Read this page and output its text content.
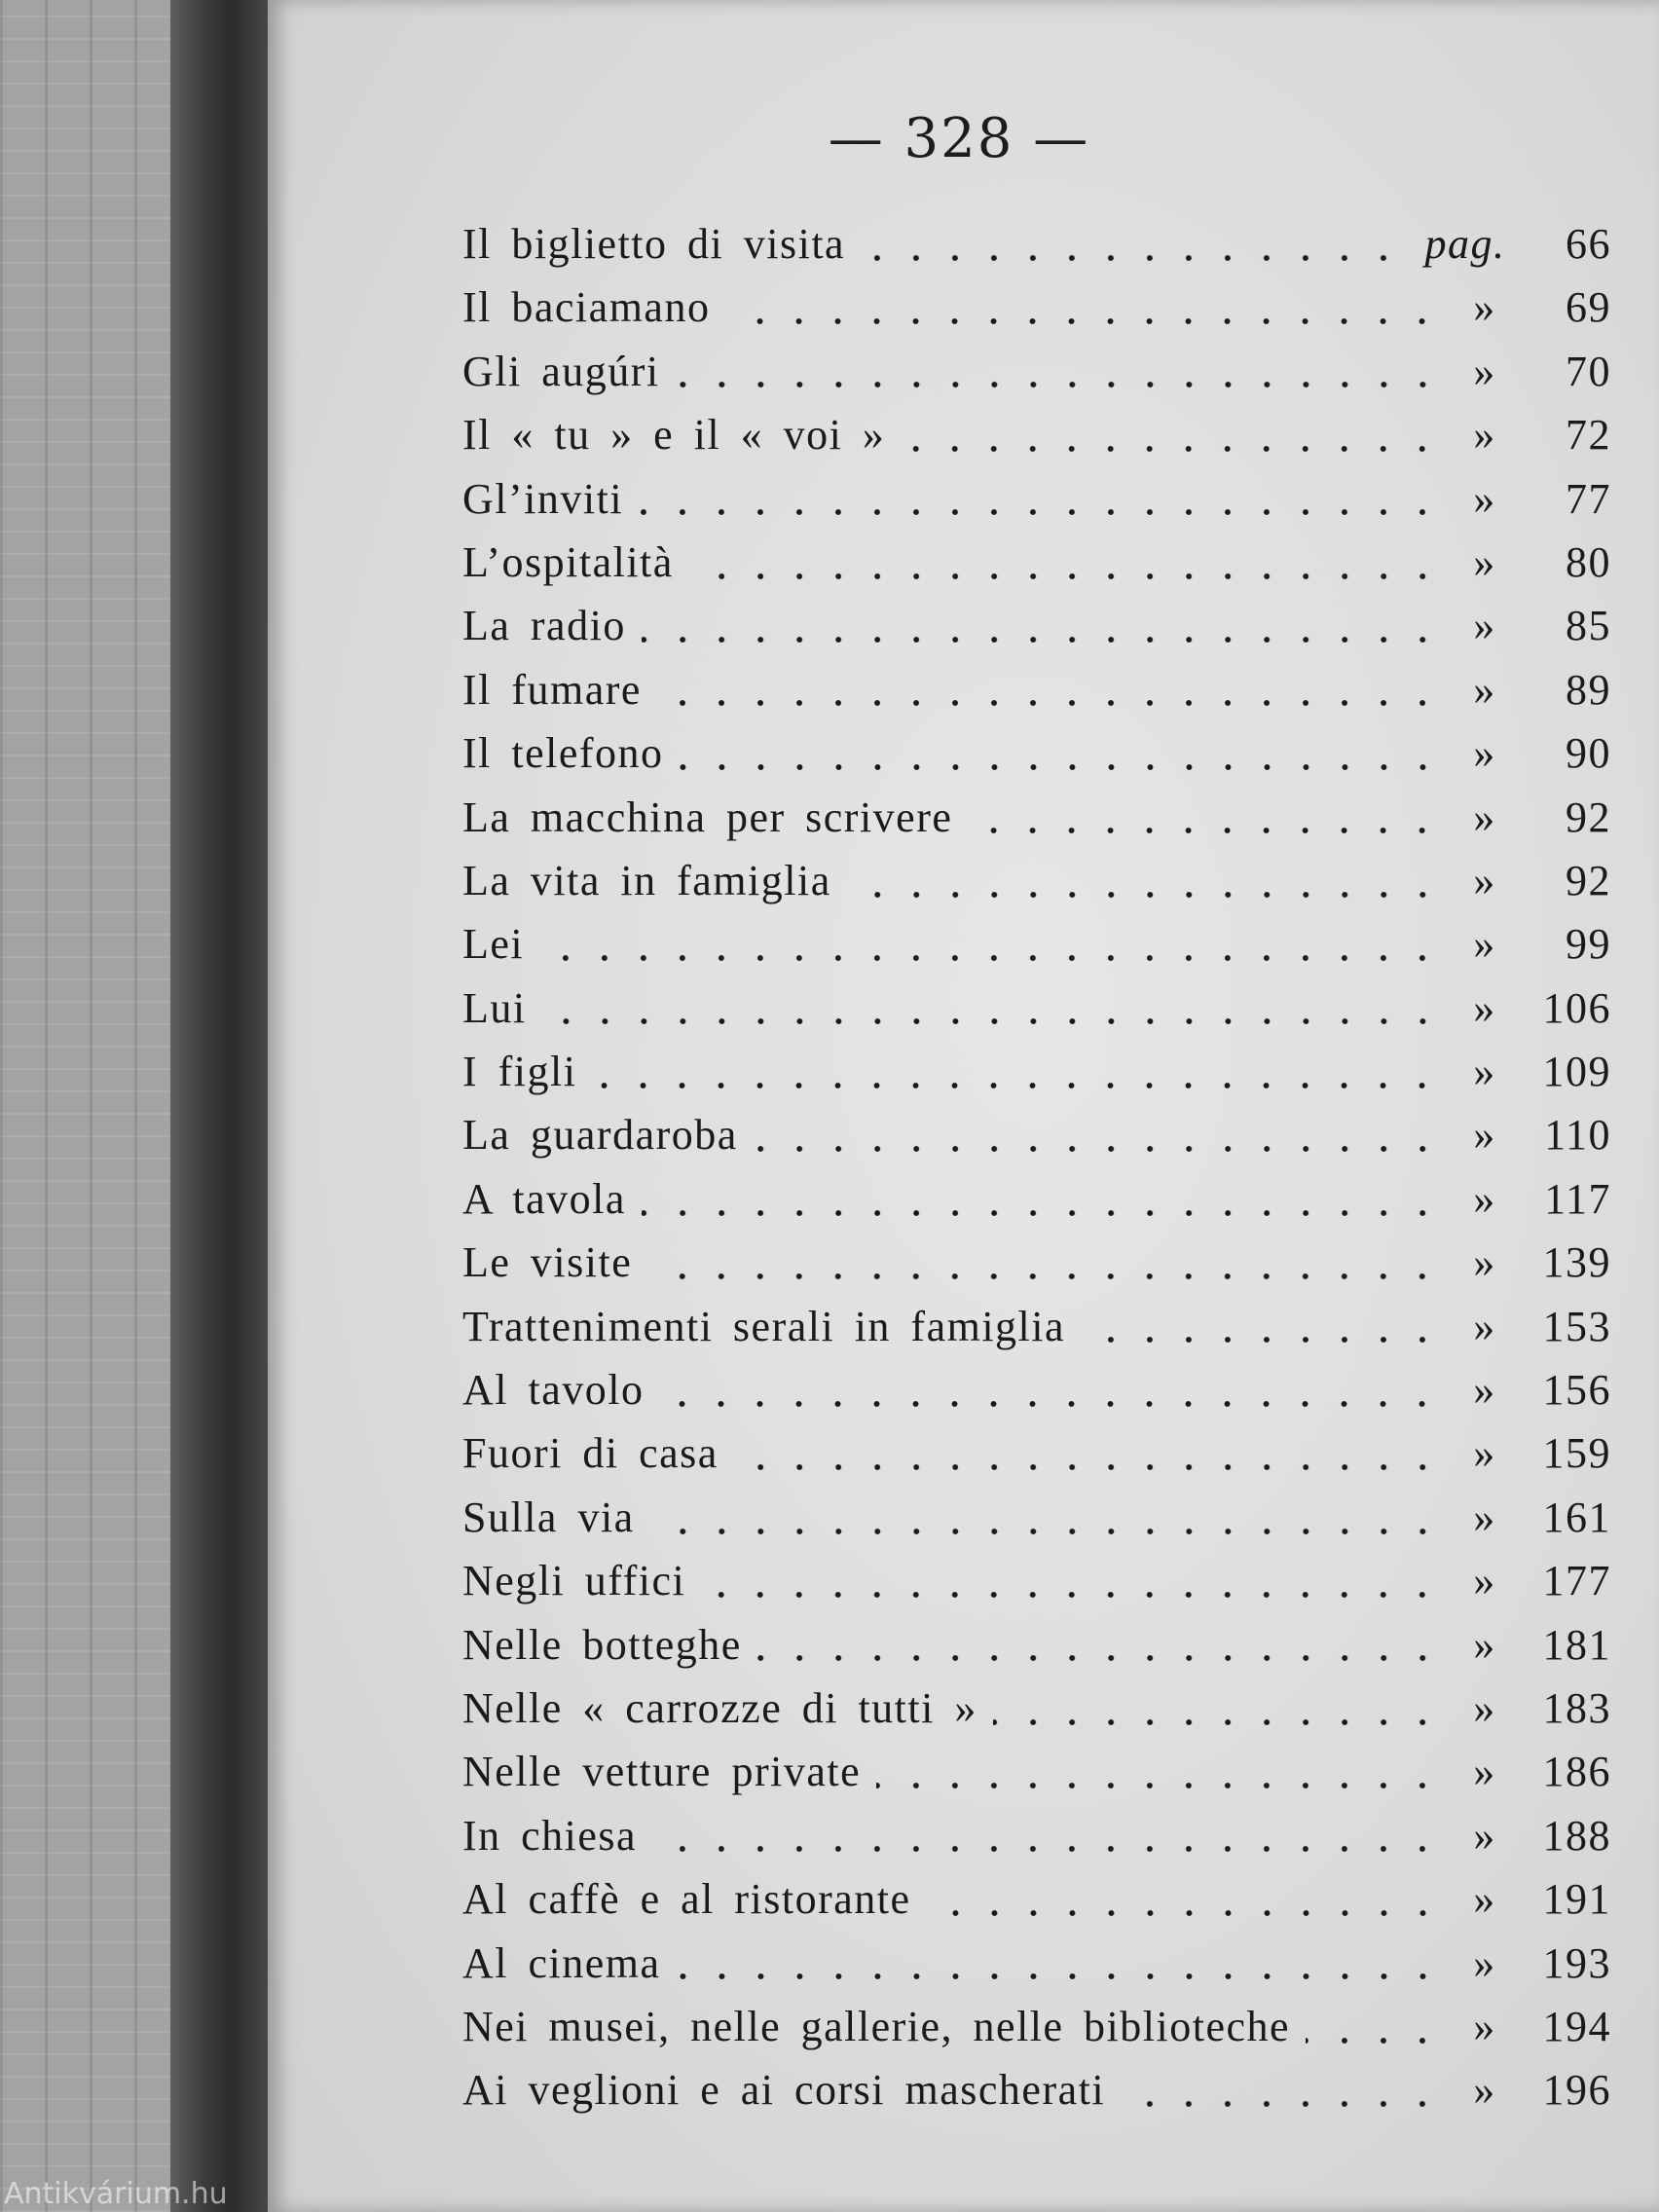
— 328 —
Il biglietto di visita	pag.	66
Il baciamano	»	69
Gli augúri	»	70
Il « tu » e il « voi »	»	72
Gl’inviti	»	77
L’ospitalità	»	80
La radio	»	85
Il fumare	»	89
Il telefono	»	90
La macchina per scrivere	»	92
La vita in famiglia	»	92
Lei	»	99
Lui	»	106
I figli	»	109
La guardaroba	»	110
A tavola	»	117
Le visite	»	139
Trattenimenti serali in famiglia	»	153
Al tavolo	»	156
Fuori di casa	»	159
Sulla via	»	161
Negli uffici	»	177
Nelle botteghe	»	181
Nelle « carrozze di tutti »	»	183
Nelle vetture private	»	186
In chiesa	»	188
Al caffè e al ristorante	»	191
Al cinema	»	193
Nei musei, nelle gallerie, nelle biblioteche	»	194
Ai veglioni e ai corsi mascherati	»	196
Antikvárium.hu
